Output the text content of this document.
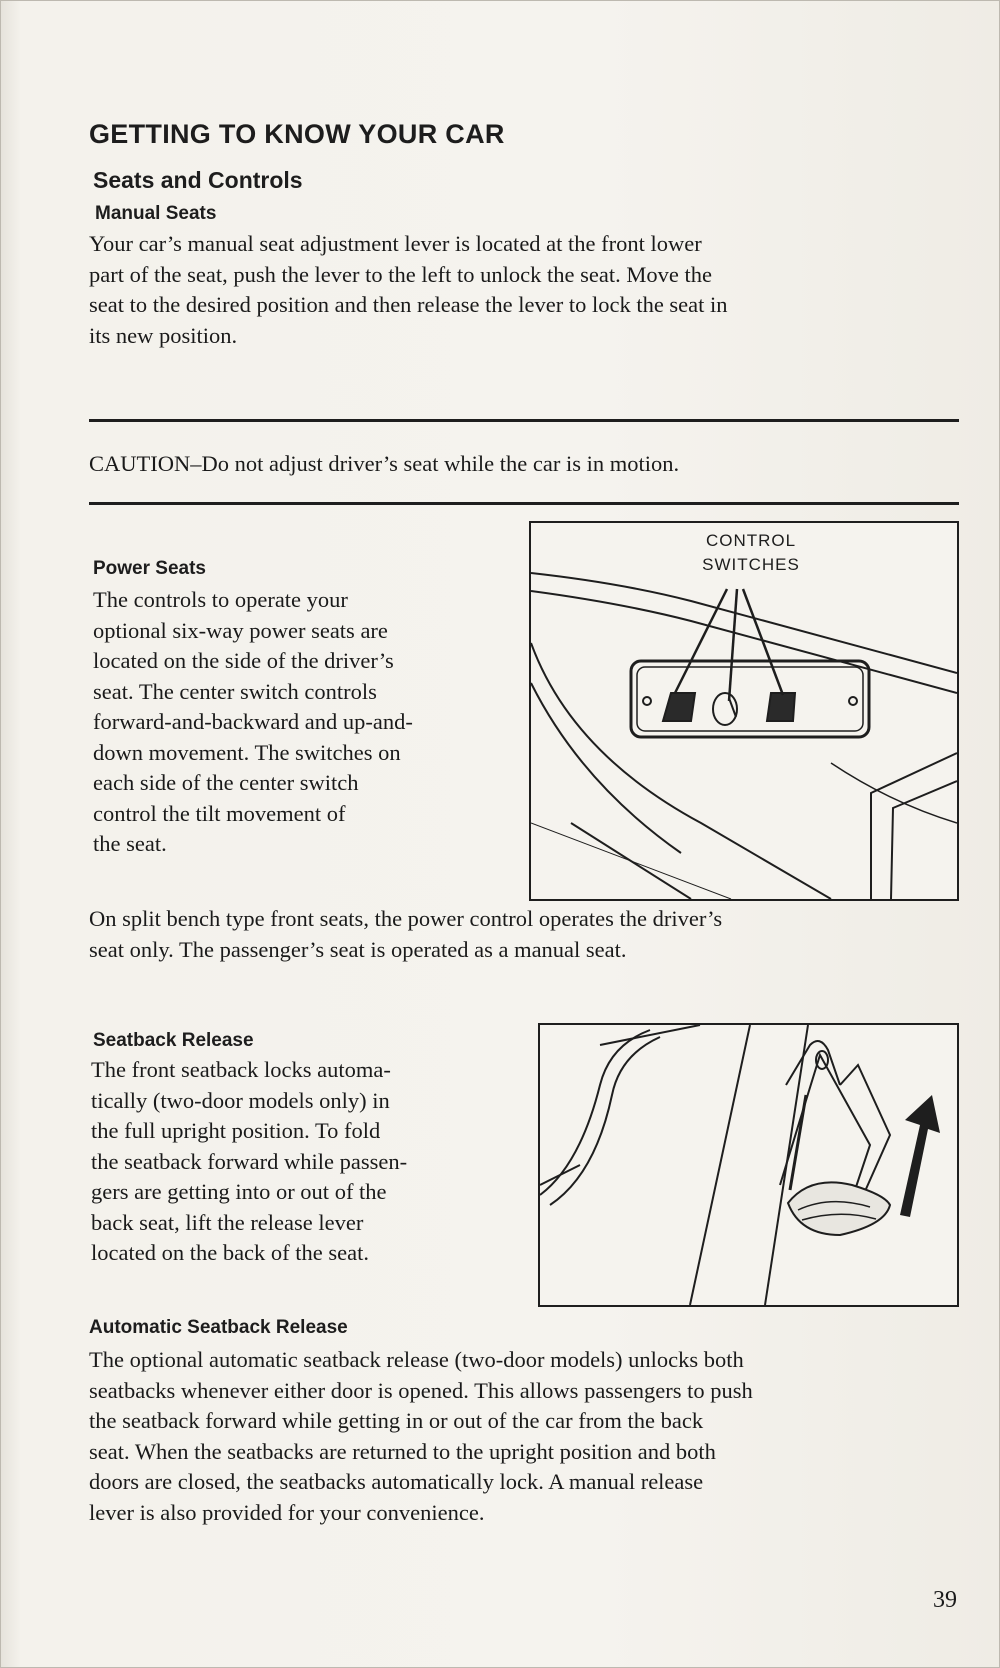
GETTING TO KNOW YOUR CAR
Seats and Controls
Manual Seats
Your car’s manual seat adjustment lever is located at the front lower
part of the seat, push the lever to the left to unlock the seat. Move the
seat to the desired position and then release the lever to lock the seat in
its new position.
CAUTION–Do not adjust driver’s seat while the car is in motion.
Power Seats
The controls to operate your
optional six-way power seats are
located on the side of the driver’s
seat. The center switch controls
forward-and-backward and up-and-
down movement. The switches on
each side of the center switch
control the tilt movement of
the seat.
CONTROL
SWITCHES
On split bench type front seats, the power control operates the driver’s
seat only. The passenger’s seat is operated as a manual seat.
Seatback Release
The front seatback locks automa-
tically (two-door models only) in
the full upright position. To fold
the seatback forward while passen-
gers are getting into or out of the
back seat, lift the release lever
located on the back of the seat.
Automatic Seatback Release
The optional automatic seatback release (two-door models) unlocks both
seatbacks whenever either door is opened. This allows passengers to push
the seatback forward while getting in or out of the car from the back
seat. When the seatbacks are returned to the upright position and both
doors are closed, the seatbacks automatically lock. A manual release
lever is also provided for your convenience.
39
